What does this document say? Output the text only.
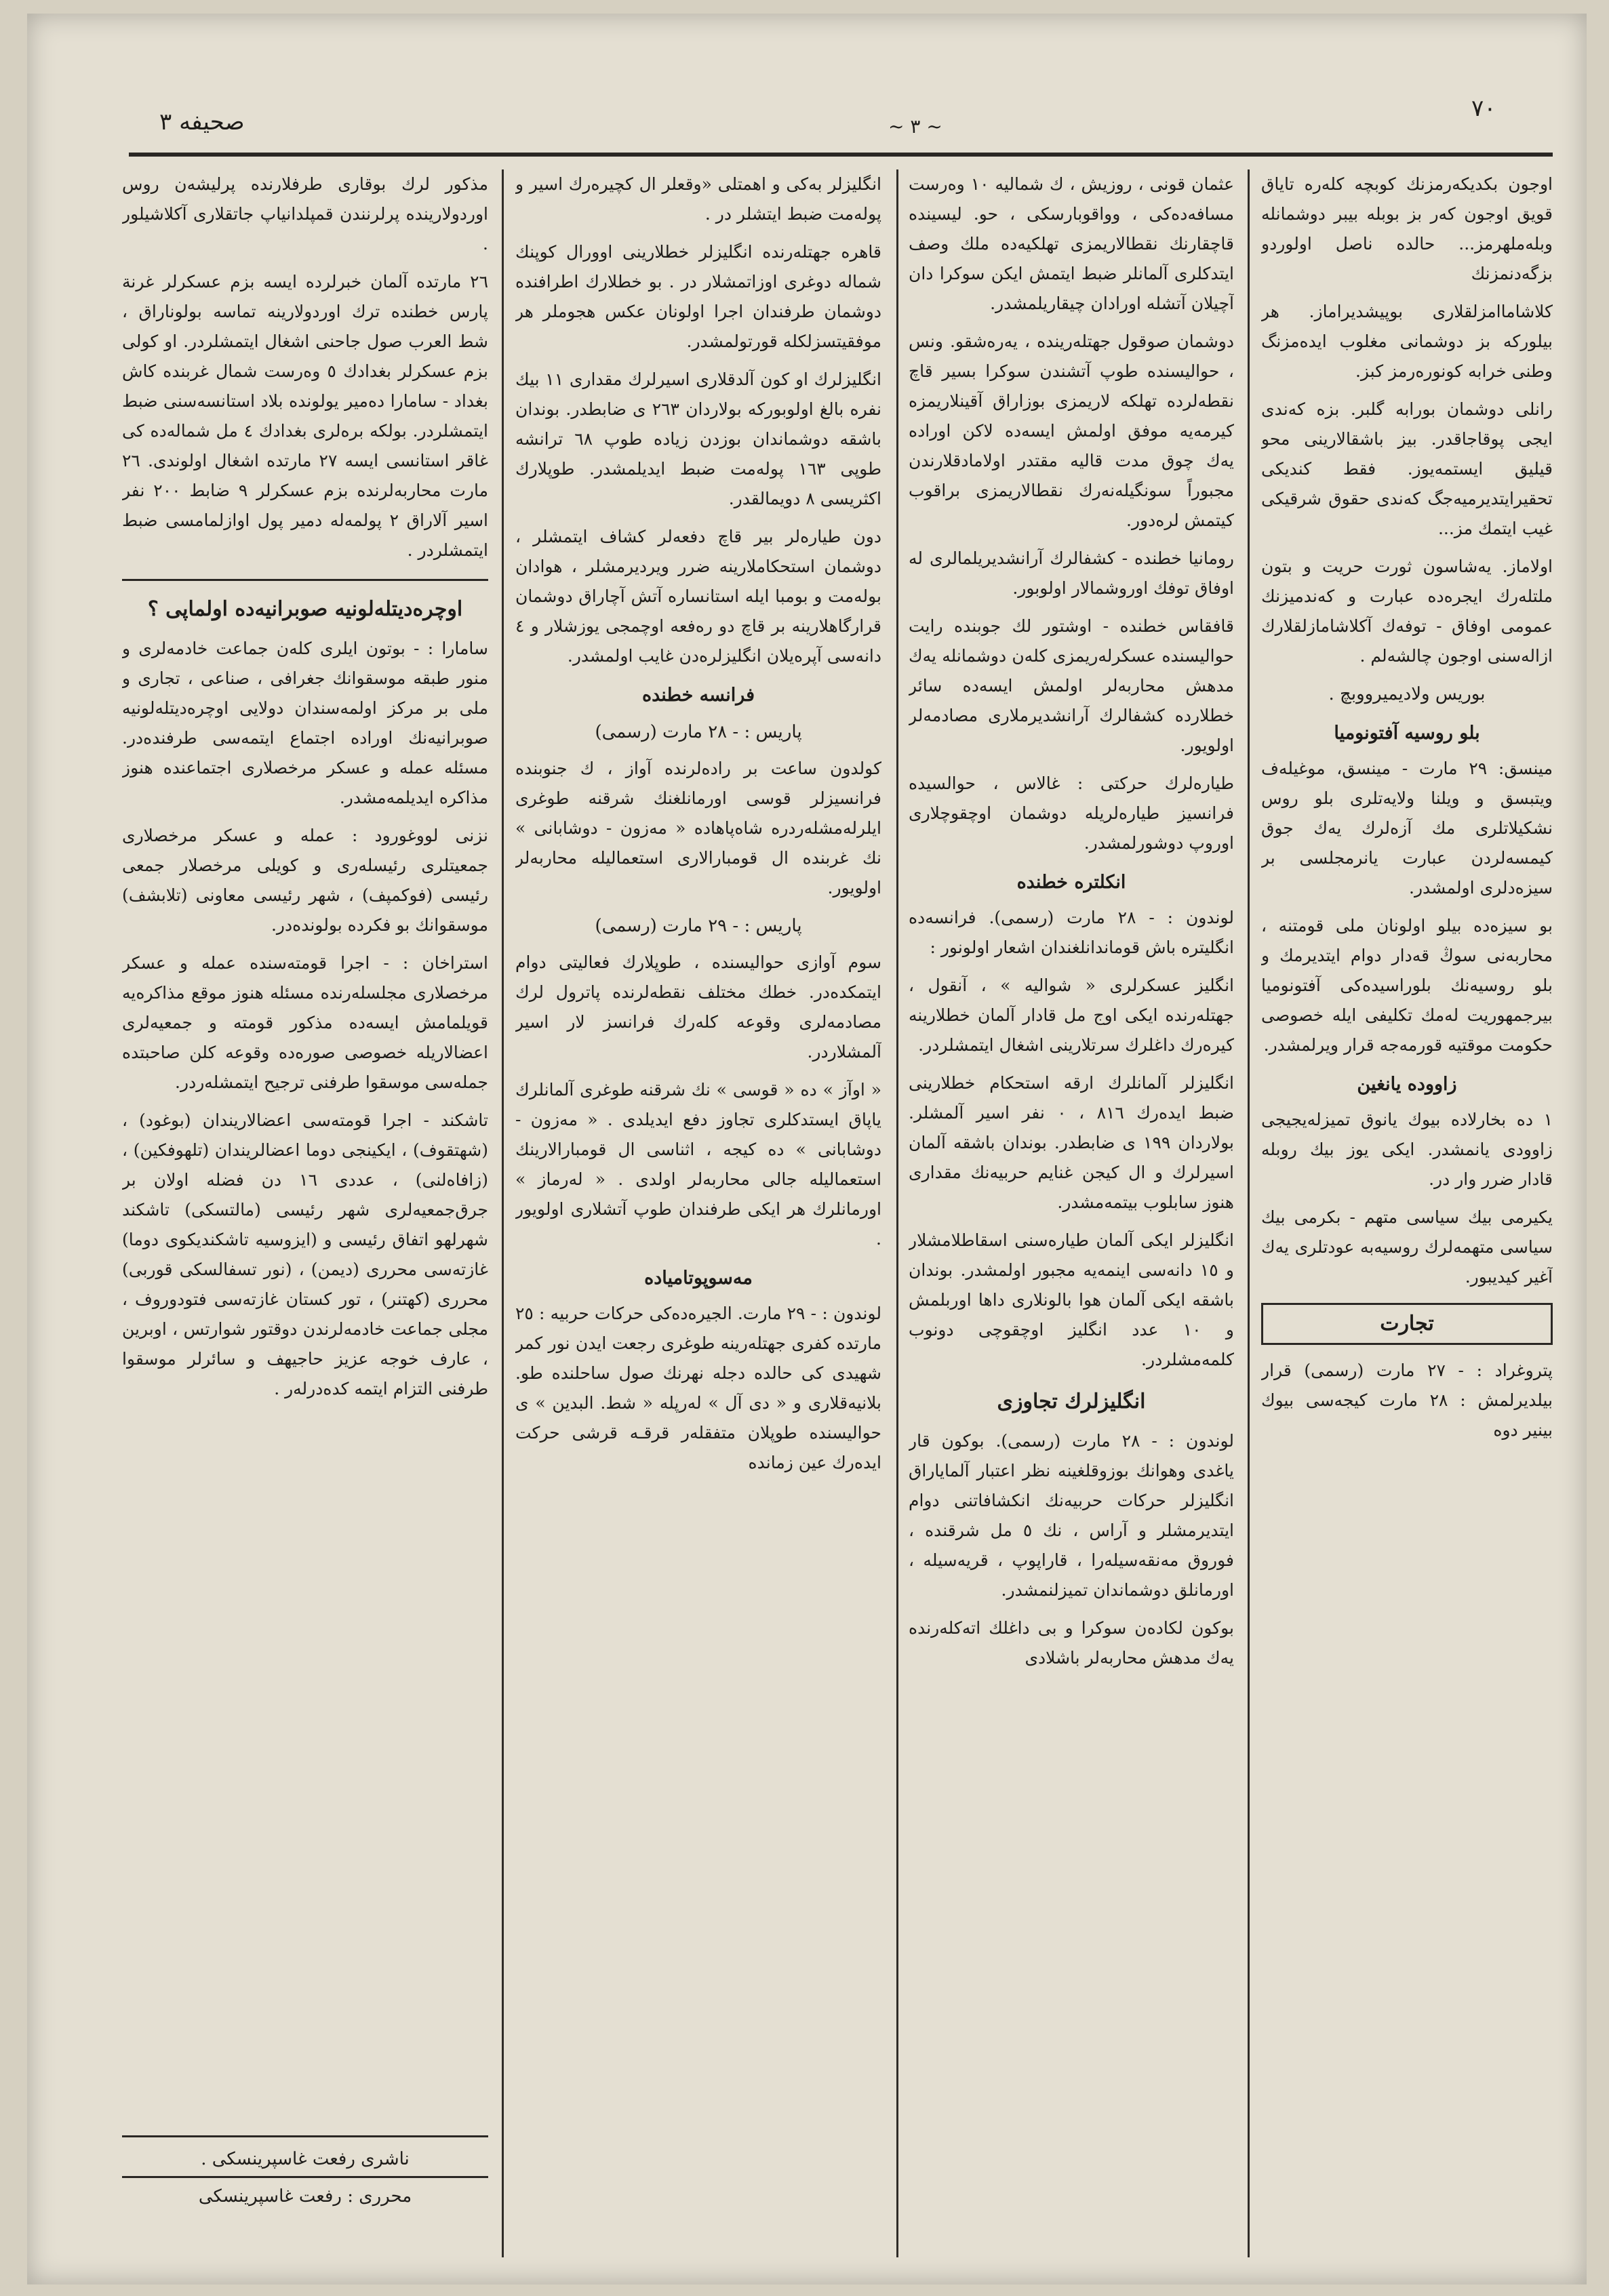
صحيفه ٣	~ ٣ ~
٧٠

اوجون بكديكه‌رمزنك كوبچه كله‌ره تاياق قويق اوجون كه‌ر بز بوبله بيبر دوشمانله وبله‌ملهرمز... حالده ناصل اولوردو بزگه‌دنمزنك

كلاشاماامزلقلارى بوپيشديراماز. هر بيلوركه بز دوشمانى مغلوب ايده‌مزنگ وطنى خرابه كونوره‌رمز كبز.

رانلى دوشمان بورابه گلبر. بزه كه‌ندى ايجى پوقاجاقدر. بيز باشقالارينى محو قيليق ايستمه‌يوز. فقط كنديكى تحقيرايتديرميه‌جگ كه‌ندى حقوق شرقيكى غيب ايتمك مز...

اولاماز. يه‌شاسون ثورت حريت و بتون ملتله‌رك ايجره‌ده عبارت و كه‌ندميزنك عمومى اوفاق - توفه‌ك آكلاشامازلقلارك ازاله‌سنى اوجون چالشه‌لم .

بوريس ولاديميرووبچ .

بلو روسيه آفتونوميا

مينسق: ٢٩ مارت - مينسق، موغيله‌ف ويتبسق و ويلنا ولايه‌تلرى بلو روس نشكيلاتلرى مك آزه‌لرك يه‌ك جوق كيمسه‌لردن عبارت يانرمجلسى بر سيزه‌دلرى اولمشدر.

بو سيزه‌ده بيلو اولونان ملى قومتنه ، محاربه‌نى سوڭ قه‌دار دوام ايتديرمك و بلو روسيه‌نك بلوراسيده‌كى آفتونوميا بيرجمهوريت له‌مك تكليفى ايله خصوصى حكومت موقتيه قورمه‌جه قرار ويرلمشدر.

زاووده يانغين

١ ده بخارلاده بيوك يانوق تميزله‌يجيجى زاوودى يانمشدر. ايكى يوز بيك روبله قادار ضرر وار در.

يكيرمى بيك سياسى متهم - بكرمى بيك سياسى متهمه‌لرك روسيه‌به عودتلرى يه‌ك آغير كيديبور.

تجارت

پتروغراد : - ٢٧ مارت (رسمى) قرار بيلديرلمش : ٢٨ مارت كيجه‌سى بيوك بينير دوه

عثمان قونى ، روزيش ، ك شماليه ١٠ وه‌رست مسافه‌ده‌كى ، وواقوبارسكى ، حو. ليسينده قاچقارنك نقطالاريمزى تهلكيه‌ده ملك وصف ايتدكلرى آلمانلر ضبط ايتمش ايكن سوكرا دان آچيلان آتشله اورادان چيقاريلمشدر.

دوشمان صوقول جهتله‌رينده ، يه‌ره‌شقو. ونس ، حواليسنده طوپ آتشندن سوكرا بسير قاچ نقطه‌لرده تهلكه لاريمزى بوزاراق آقينلاريمزه كيرمه‌يه موفق اولمش ايسه‌ده لاكن اوراده يه‌ك چوق مدت قاليه مقتدر اولامادقلارندن مجبوراً سونگيله‌نه‌رك نقطالاريمزى براقوب كيتمش لره‌دور.

رومانيا خطنده - كشفالرك آرانشديريلمالرى له اوفاق توفك اوروشمالار اولوبور.

قافقاس خطنده - اوشتور لك جوبنده رايت حواليسنده عسكرله‌ريمزى كله‌ن دوشمانله يه‌ك مدهش محاربه‌لر اولمش ايسه‌ده سائر خطلارده كشفالرك آرانشديرملارى مصادمه‌لر اولويور.

طياره‌لرك حركتى : غالاس ، حوالسيده فرانسيز طياره‌لريله دوشمان اوچقوچلارى اوروپ دوشورلمشدر.

انكلتره خطنده

لوندون : - ٢٨ مارت (رسمى). فرانسه‌ده انگليتره باش قوماندانلغندان اشعار اولونور :

انگليز عسكرلرى « شواليه » ، آنقول ، جهتله‌رنده ايكى اوج مل قادار آلمان خطلارينه كيره‌رك داغلرك سرتلارينى اشغال ايتمشلردر.

انگليزلر آلمانلرك ارقه استحكام خطلارينى ضبط ايده‌رك ٨١٦ ، ٠ نفر اسير آلمشلر. بولاردان ١٩٩ ى ضابطدر. بوندان باشقه آلمان اسيرلرك و ال كيجن غنايم حربيه‌نك مقدارى هنوز سابلوب بيتمه‌مشدر.

انگليزلر ايكى آلمان طياره‌سنى اسقاطلامشلار و ١٥ دانه‌سى اينمه‌يه مجبور اولمشدر. بوندان باشقه ايكى آلمان هوا بالونلارى داها اوربلمش و ١٠ عدد انگليز اوچقوچى دونوب كلمه‌مشلردر.

انگليزلرك تجاوزى

لوندون : - ٢٨ مارت (رسمى). بوكون قار ياغدى وهوانك بوزوقلغينه نظر اعتبار آلماياراق انگليزلر حركات حربيه‌نك انكشافاتنى دوام ايتديرمشلر و آراس ، نك ٥ مل شرقنده ، فوروق مه‌نقه‌سيله‌را ، قاراپوپ ، قريه‌سيله ، اورمانلق دوشماندان تميزلنمشدر.

بوكون لكاده‌ن سوكرا و بى داغلك اته‌كله‌رنده يه‌ك مدهش محاربه‌لر باشلادى

انگليزلر به‌كى و اهمتلى «وقعلر ال كچيره‌رك اسير و پوله‌مت ضبط ايتشلر در .

قاهره جهتله‌رنده انگليزلر خطلارينى اوورال كوپنك شماله دوغرى اوزاتمشلار در . بو خطلارك اطرافنده دوشمان طرفندان اجرا اولونان عكس هجوملر هر موفقيتسزلكله قورتولمشدر.

انگليزلرك او كون آلدقلارى اسيرلرك مقدارى ١١ بيك نفره بالغ اولوبوركه بولاردان ٢٦٣ ى ضابطدر. بوندان باشقه دوشماندان بوزدن زياده طوپ ٦٨ ترانشه طوپى ١٦٣ پوله‌مت ضبط ايديلمشدر. طوپلارك اكثريسى ٨ دويمالقدر.

دون طياره‌لر بير قاچ دفعه‌لر كشاف ايتمشلر ، دوشمان استحكاملارينه ضرر ويرديرمشلر ، هوادان بوله‌مت و بومبا ايله استانساره آتش آچاراق دوشمان قرارگاهلارينه بر قاچ دو ره‌فعه اوچمجى يوزشلار و ٤ دانه‌سى آپره‌يلان انگليزلره‌دن غايب اولمشدر.

فرانسه خطنده

پاريس : - ٢٨ مارت (رسمى)

كولدون ساعت بر راده‌لرنده آواز ، ك جنوبنده فرانسيزلر قوسى اورمانلغنك شرقنه طوغرى ايلرله‌مشله‌ردره شاه‌پاهاده « مه‌زون - دوشابانى » نك غربنده ال قومبارالارى استعماليله محاربه‌لر اولويور.

پاريس : - ٢٩ مارت (رسمى)

سوم آوازى حواليسنده ، طوپلارك فعاليتى دوام ايتمكده‌در. خطك مختلف نقطه‌لرنده پاترول لرك مصادمه‌لرى وقوعه كله‌رك فرانسز لار اسير آلمشلاردر.

« اوآز » ده « قوسى » نك شرقنه طوغرى آلمانلرك ياپاق ايستدكلرى تجاوز دفع ايديلدى . « مه‌زون - دوشابانى » ده كيجه ، اثناسى ال قومبارالارينك استعماليله جالى محاربه‌لر اولدى . « له‌رماز » اورمانلرك هر ايكى طرفندان طوپ آتشلارى اولويور .

مه‌سوپوتاميا‌ده

لوندون : - ٢٩ مارت. الجيره‌ده‌كى حركات حربيه : ٢٥ مارتده كفرى جهتله‌رينه طوغرى رجعت ايدن نور كمر شهيدى كى حالده دجله نهرنك صول ساحلنده طو. بلانيه‌قلارى و « دى آل » له‌رپله « شط. البدين » ى حواليسنده طوپلان متفقله‌ر قرقـه قرشى حركت ايده‌رك عين زمانده

مذكور لرك بوقارى طرفلارنده پرليشه‌ن روس اوردولارينده پرلرنندن قمپلدانياپ جاتقلارى آكلاشيلور .

٢٦ مارتده آلمان خبرلرده ايسه بزم عسكرلر غرنة پارس خطنده ترك اوردولارينه تماسه بولوناراق ، شط العرب صول جاحنى اشغال ايتمشلردر. او كولى بزم عسكرلر بغدادك ٥ وه‌رست شمال غربنده كاش بغداد - سامارا ده‌مير يولونده بلاد استانسه‌سنى ضبط ايتمشلردر. بولكه بره‌لرى بغدادك ٤ مل شماله‌ده كى غاقر استانسى ايسه ٢٧ مارتده اشغال اولوندى. ٢٦ مارت محاربه‌لرنده بزم عسكرلر ٩ ضابط ٢٠٠ نفر اسير آلاراق ٢ پولمه‌له دمير پول اوازلمامسى ضبط ايتمشلردر .

اوچره‌ديتله‌لونيه صوبرانيه‌ده اولماپى ؟

سامارا : - بوتون ايلرى كله‌ن جماعت خادمه‌لرى و منور طبقه موسقوانك جغرافى ، صناعى ، تجارى و ملى بر مركز اولمه‌سندان دولايى اوچره‌ديتله‌لونيه صوبرانيه‌نك اوراده اجتماع ايتمه‌سى طرفنده‌در. مسئله عمله و عسكر مرخصلارى اجتماعنده هنوز مذاكره ايديلمه‌مشدر.

نزنى لووغورود : عمله و عسكر مرخصلارى جمعيتلرى رئيسله‌رى و كويلى مرخصلار جمعى رئيسى (فوكمپف) ، شهر رئيسى معاونى (تلابشف) موسقوانك بو فكرده بولونده‌در.

استراخان : - اجرا قومته‌سنده عمله و عسكر مرخصلارى مجلسله‌رنده مسئله هنوز موقع مذاكره‌يه قويلمامش ايسه‌ده مذكور قومته و جمعيه‌لرى اعضالاريله خصوصى صوره‌ده وقوعه كلن صاحبتده جمله‌سى موسقوا طرفنى ترجيح ايتمشله‌ردر.

تاشكند - اجرا قومته‌سى اعضالاريندان (بوغود) ، (شهتقوف) ، ايكينجى دوما اعضالريندان (تلهوفكين) ، (زافاه‌لنى) ، عددى ١٦ دن فضله اولان بر جرق‌جمعيه‌لرى شهر رئيسى (مالتسكى) تاشكند شهرلهو اتفاق رئيسى و (ايزوسيه تاشكنديكوى دوما) غازته‌سى محررى (ديمن) ، (نور تسفالسكى قوربى) محررى (كهتنر) ، تور كستان غازته‌سى فتودوروف ، مجلى جماعت خادمه‌لرندن دوقتور شوارتس ، اوبرين ، عارف خوجه عزيز حاجيهف و سائرلر موسقوا طرفنى التزام ايتمه كده‌درله‌ر .

ناشرى رفعت غاسپرينسكى .
محررى : رفعت غاسپرينسكى
